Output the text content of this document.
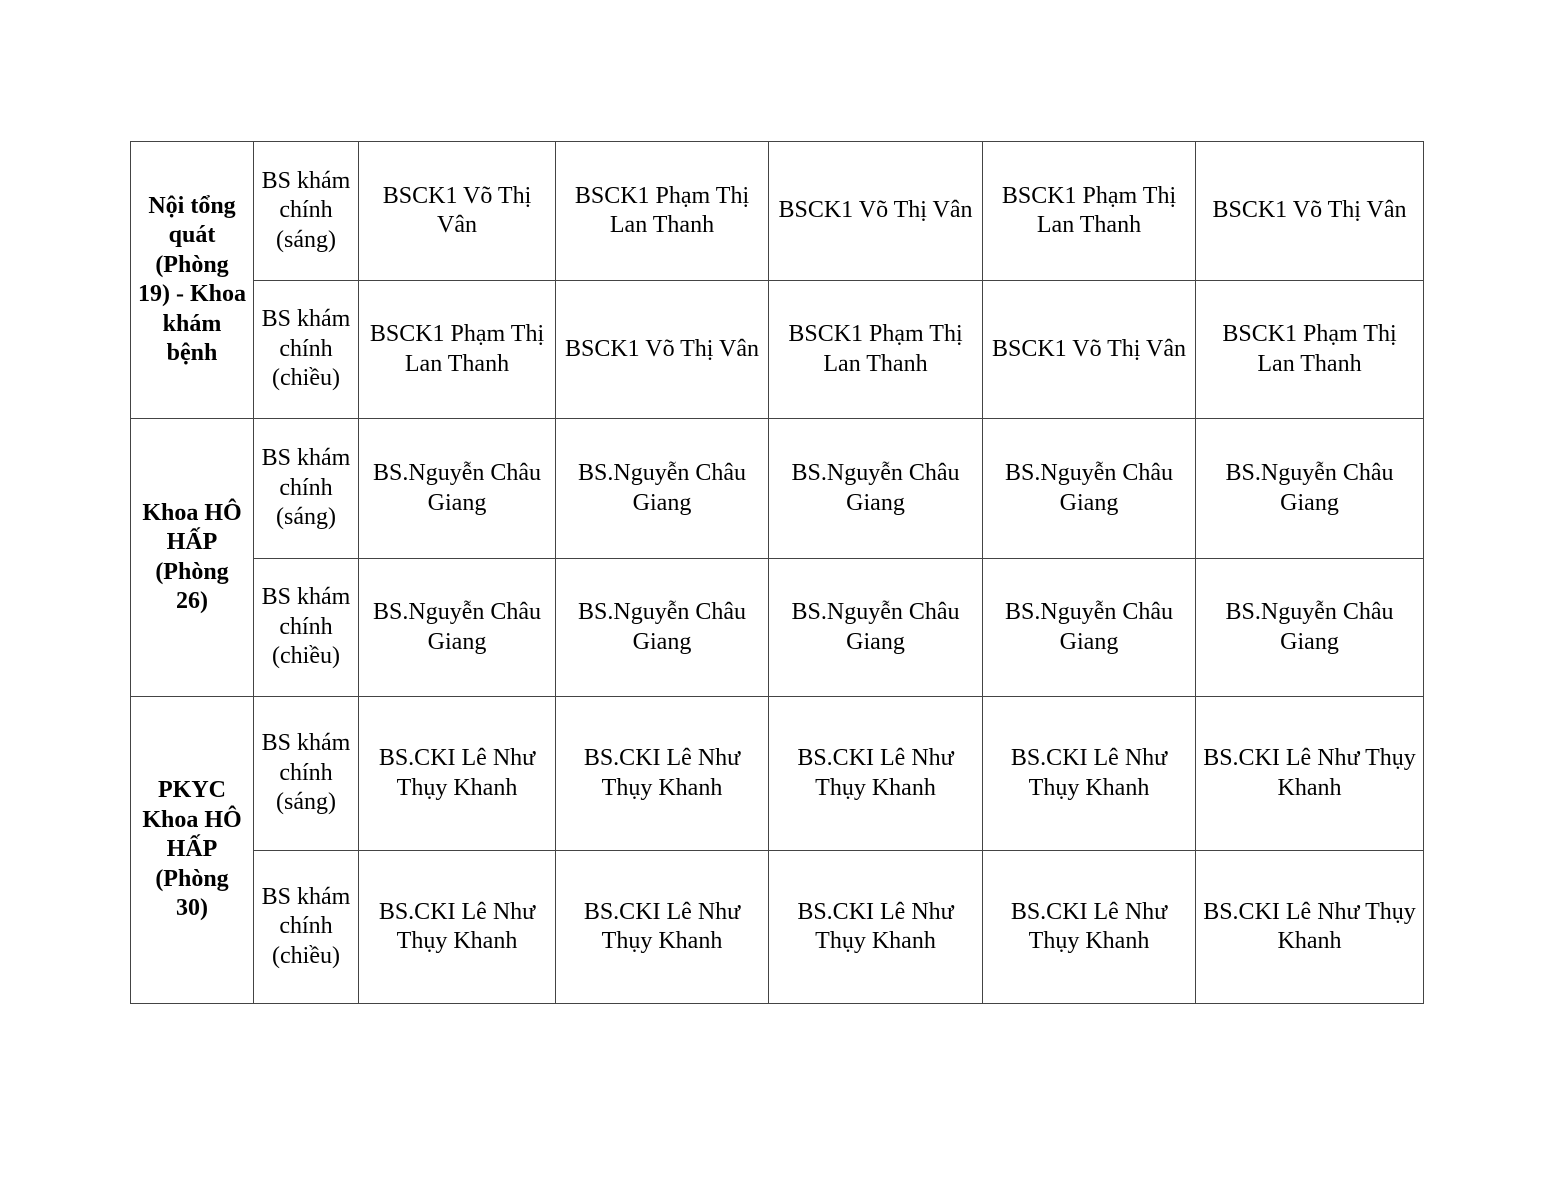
Nội tổng quát (Phòng 19) - Khoa khám bệnh	BS khám chính (sáng)	BSCK1 Võ Thị Vân	BSCK1 Phạm Thị Lan Thanh	BSCK1 Võ Thị Vân	BSCK1 Phạm Thị Lan Thanh	BSCK1 Võ Thị Vân
	BS khám chính (chiều)	BSCK1 Phạm Thị Lan Thanh	BSCK1 Võ Thị Vân	BSCK1 Phạm Thị Lan Thanh	BSCK1 Võ Thị Vân	BSCK1 Phạm Thị Lan Thanh
Khoa HÔ HẤP (Phòng 26)	BS khám chính (sáng)	BS.Nguyễn Châu Giang	BS.Nguyễn Châu Giang	BS.Nguyễn Châu Giang	BS.Nguyễn Châu Giang	BS.Nguyễn Châu Giang
	BS khám chính (chiều)	BS.Nguyễn Châu Giang	BS.Nguyễn Châu Giang	BS.Nguyễn Châu Giang	BS.Nguyễn Châu Giang	BS.Nguyễn Châu Giang
PKYC Khoa HÔ HẤP (Phòng 30)	BS khám chính (sáng)	BS.CKI Lê Như Thụy Khanh	BS.CKI Lê Như Thụy Khanh	BS.CKI Lê Như Thụy Khanh	BS.CKI Lê Như Thụy Khanh	BS.CKI Lê Như Thụy Khanh
	BS khám chính (chiều)	BS.CKI Lê Như Thụy Khanh	BS.CKI Lê Như Thụy Khanh	BS.CKI Lê Như Thụy Khanh	BS.CKI Lê Như Thụy Khanh	BS.CKI Lê Như Thụy Khanh
